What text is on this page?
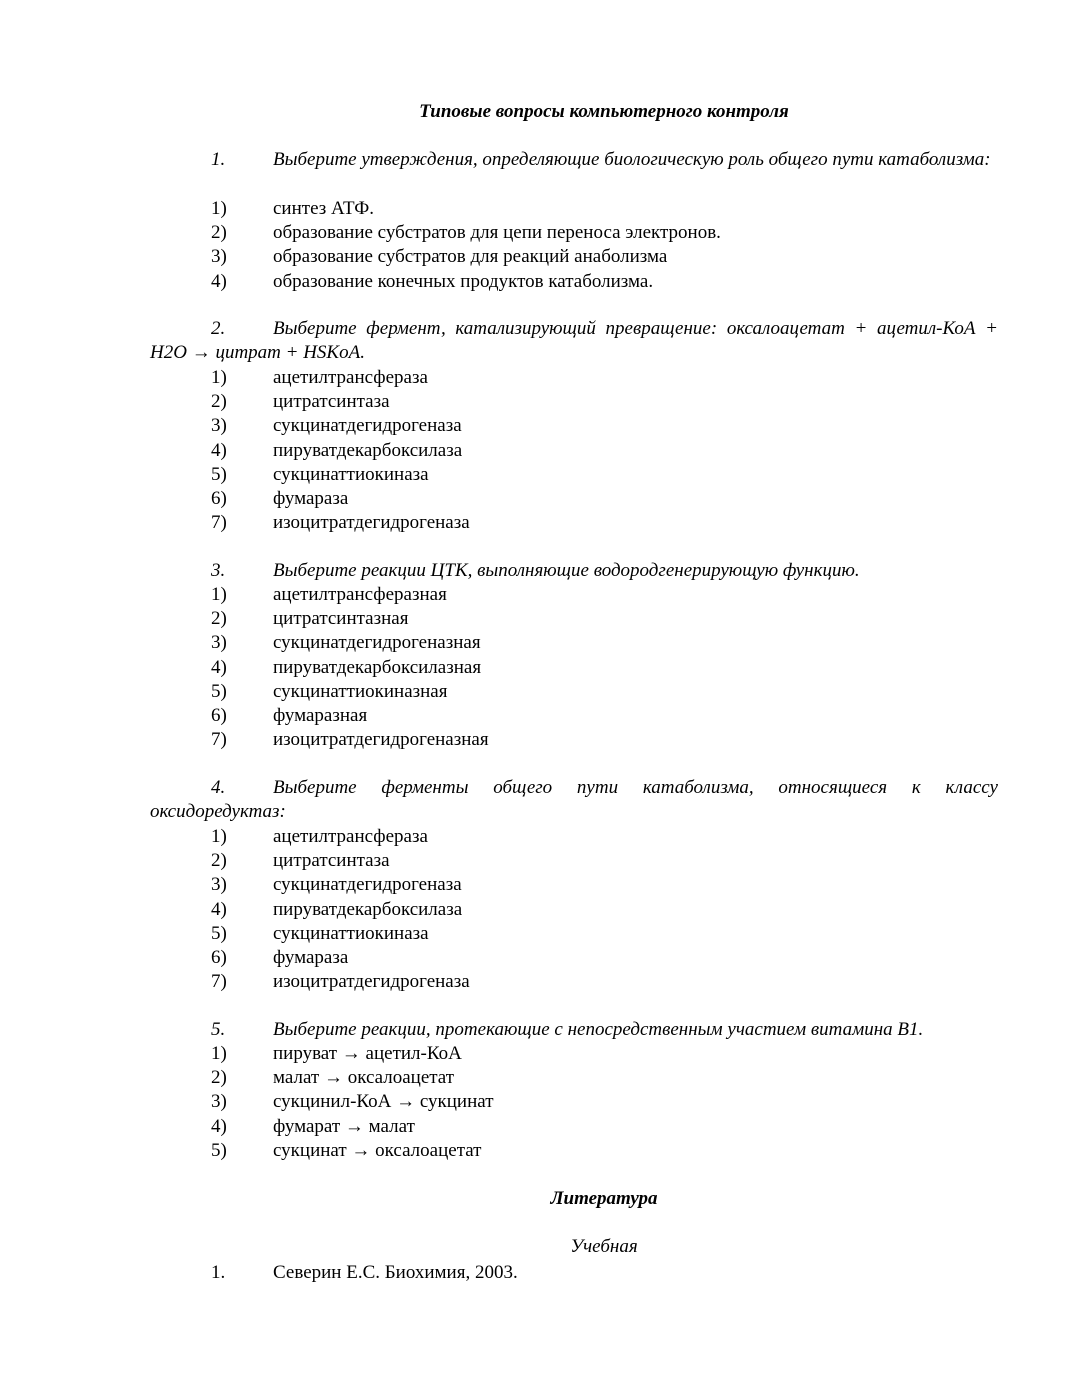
Типовые вопросы компьютерного контроля
1.	Выберите утверждения, определяющие биологическую роль общего пути катаболизма:
1) синтез АТФ.
2) образование субстратов для цепи переноса электронов.
3) образование субстратов для реакций анаболизма
4) образование конечных продуктов катаболизма.
2.	Выберите фермент, катализирующий превращение: оксалоацетат + ацетил-КоА + Н2О → цитрат + HSKoA.
1) ацетилтрансфераза
2) цитратсинтаза
3) сукцинатдегидрогеназа
4) пируватдекарбоксилаза
5) сукцинаттиокиназа
6) фумараза
7) изоцитратдегидрогеназа
3.	Выберите реакции ЦТК, выполняющие водородгенерирующую функцию.
1) ацетилтрансферазная
2) цитратсинтазная
3) сукцинатдегидрогеназная
4) пируватдекарбоксилазная
5) сукцинаттиокиназная
6) фумаразная
7) изоцитратдегидрогеназная
4.	Выберите ферменты общего пути катаболизма, относящиеся к классу оксидоредуктаз:
1) ацетилтрансфераза
2) цитратсинтаза
3) сукцинатдегидрогеназа
4) пируватдекарбоксилаза
5) сукцинаттиокиназа
6) фумараза
7) изоцитратдегидрогеназа
5.	Выберите реакции, протекающие с непосредственным участием витамина В1.
1) пируват → ацетил-КоА
2) малат → оксалоацетат
3) сукцинил-КоА → сукцинат
4) фумарат → малат
5) сукцинат → оксалоацетат
Литература
Учебная
1.	Северин Е.С. Биохимия, 2003.
